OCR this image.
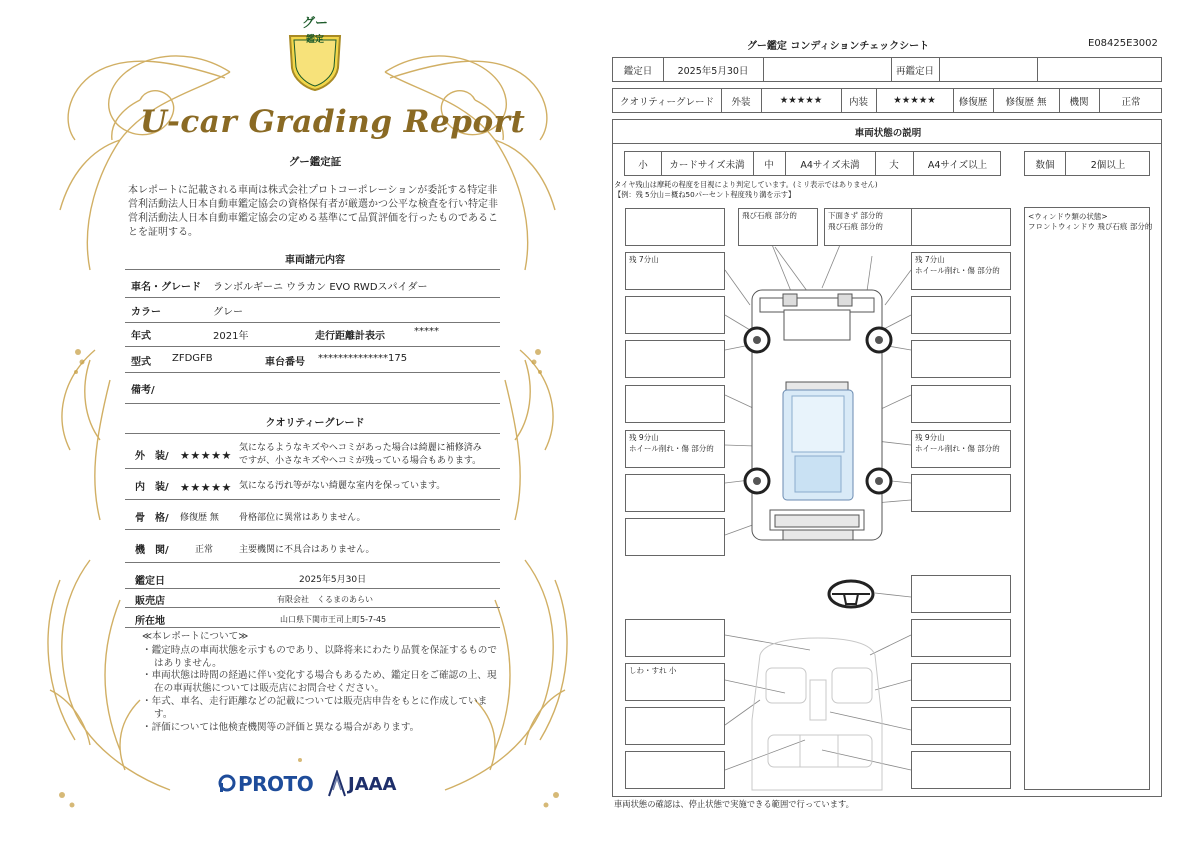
グー
鑑定
U-car Grading Report
グー鑑定証
本レポートに記載される車両は株式会社プロトコーポレーションが委託する特定非営利活動法人日本自動車鑑定協会の資格保有者が厳選かつ公平な検査を行い特定非営利活動法人日本自動車鑑定協会の定める基準にて品質評価を行ったものであることを証明する。
車両諸元内容
車名・グレード ランボルギーニ ウラカン EVO RWDスパイダー
カラー	グレー
年式	2021年	走行距離計表示	*****
型式 ZFDGFB	車台番号 **************175
備考/
クオリティーグレード
外　装/ ★★★★★
気になるようなキズやヘコミがあった場合は綺麗に補修済み
ですが、小さなキズやヘコミが残っている場合もあります。
内　装/ ★★★★★ 気になる汚れ等がない綺麗な室内を保っています。
骨　格/ 修復歴 無 骨格部位に異常はありません。
機　関/	正常	主要機関に不具合はありません。
鑑定日	2025年5月30日
販売店	有限会社　くるまのあらい
所在地	山口県下関市王司上町5-7-45
≪本レポートについて≫
・鑑定時点の車両状態を示すものであり、以降将来にわたり品質を保証するものではありません。
・車両状態は時間の経過に伴い変化する場合もあるため、鑑定日をご確認の上、現在の車両状態については販売店にお問合せください。
・年式、車名、走行距離などの記載については販売店申告をもとに作成しています。
・評価については他検査機関等の評価と異なる場合があります。
PROTO JAAA
グー鑑定 コンディションチェックシート	E08425E3002
鑑定日	2025年5月30日	再鑑定日
クオリティーグレード	外装	★★★★★	内装	★★★★★	修復歴	修復歴 無	機関	正常
車両状態の説明
小	カードサイズ未満	中	A4サイズ未満	大	A4サイズ以上	数個	2個以上
タイヤ残山は摩耗の程度を目視により判定しています。(ミリ表示ではありません)
【例：残 5分山＝概ね50パーセント程度残り溝を示す】
飛び石痕 部分的	下面きず 部分的
飛び石痕 部分的
残 7分山	残 7分山
ホイール削れ・傷 部分的
残 9分山
ホイール削れ・傷 部分的
残 9分山
ホイール削れ・傷 部分的
しわ・すれ 小
<ウィンドウ類の状態>
フロントウィンドウ 飛び石痕 部分的
車両状態の確認は、停止状態で実施できる範囲で行っています。
